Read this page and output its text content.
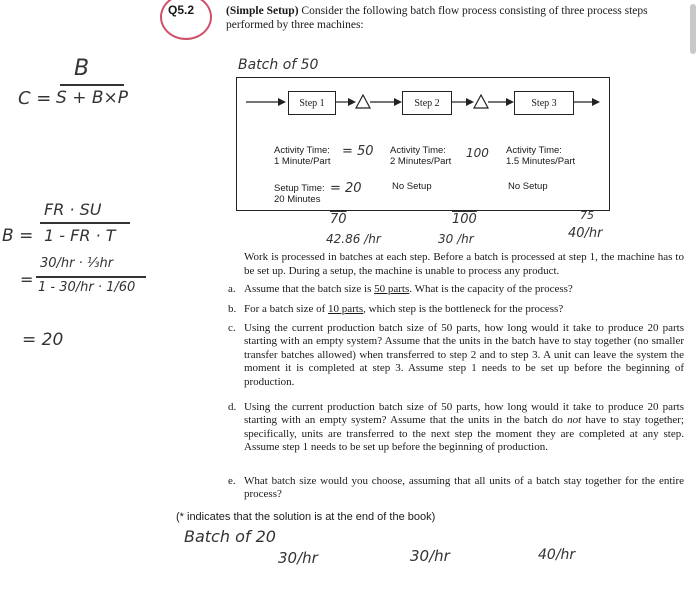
Q5.2	(Simple Setup) Consider the following batch flow process consisting of three process steps performed by three machines:
Batch of 50
Step 1	Step 2	Step 3
Activity Time:
1 Minute/Part
Setup Time:
20 Minutes
Activity Time:
2 Minutes/Part
No Setup
Activity Time:
1.5 Minutes/Part
No Setup
= 50
= 20
100
70
42.86 /hr
100
30 /hr
75
40/hr
C =
B
S + B×P
FR · SU
B = 1 - FR · T
30/hr · ⅓hr
= 1 - 30/hr · 1/60
= 20
Work is processed in batches at each step. Before a batch is processed at step 1, the machine has to be set up. During a setup, the machine is unable to process any product.
a. Assume that the batch size is 50 parts. What is the capacity of the process?
b. For a batch size of 10 parts, which step is the bottleneck for the process?
c. Using the current production batch size of 50 parts, how long would it take to produce 20 parts starting with an empty system? Assume that the units in the batch have to stay together (no smaller transfer batches allowed) when transferred to step 2 and to step 3. A unit can leave the system the moment it is completed at step 3. Assume step 1 needs to be set up before the beginning of production.
d. Using the current production batch size of 50 parts, how long would it take to produce 20 parts starting with an empty system? Assume that the units in the batch do not have to stay together; specifically, units are transferred to the next step the moment they are completed at any step. Assume step 1 needs to be set up before the beginning of production.
e. What batch size would you choose, assuming that all units of a batch stay together for the entire process?
(* indicates that the solution is at the end of the book)
Batch of 20
30/hr	30/hr	40/hr
